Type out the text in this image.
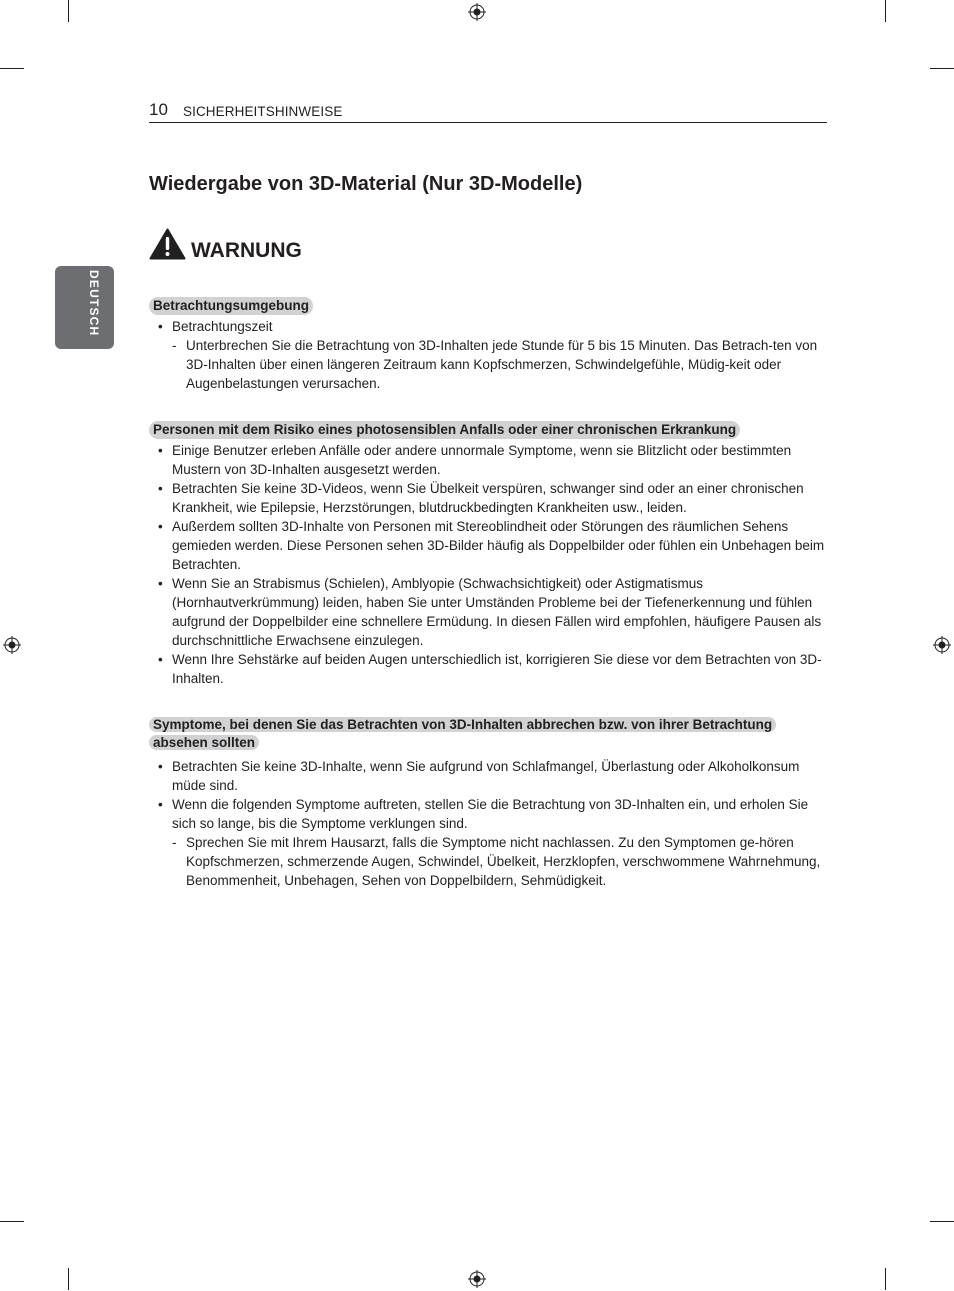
10 SICHERHEITSHINWEISE
DEUTSCH
Wiedergabe von 3D-Material (Nur 3D-Modelle)
WARNUNG
Betrachtungsumgebung
• Betrachtungszeit
- Unterbrechen Sie die Betrachtung von 3D-Inhalten jede Stunde für 5 bis 15 Minuten. Das Betrach-ten von 3D-Inhalten über einen längeren Zeitraum kann Kopfschmerzen, Schwindelgefühle, Müdig-keit oder Augenbelastungen verursachen.
Personen mit dem Risiko eines photosensiblen Anfalls oder einer chronischen Erkrankung
• Einige Benutzer erleben Anfälle oder andere unnormale Symptome, wenn sie Blitzlicht oder bestimmten Mustern von 3D-Inhalten ausgesetzt werden.
• Betrachten Sie keine 3D-Videos, wenn Sie Übelkeit verspüren, schwanger sind oder an einer chronischen Krankheit, wie Epilepsie, Herzstörungen, blutdruckbedingten Krankheiten usw., leiden.
• Außerdem sollten 3D-Inhalte von Personen mit Stereoblindheit oder Störungen des räumlichen Sehens gemieden werden. Diese Personen sehen 3D-Bilder häufig als Doppelbilder oder fühlen ein Unbehagen beim Betrachten.
• Wenn Sie an Strabismus (Schielen), Amblyopie (Schwachsichtigkeit) oder Astigmatismus (Hornhautverkrümmung) leiden, haben Sie unter Umständen Probleme bei der Tiefenerkennung und fühlen aufgrund der Doppelbilder eine schnellere Ermüdung. In diesen Fällen wird empfohlen, häufigere Pausen als durchschnittliche Erwachsene einzulegen.
• Wenn Ihre Sehstärke auf beiden Augen unterschiedlich ist, korrigieren Sie diese vor dem Betrachten von 3D-Inhalten.
Symptome, bei denen Sie das Betrachten von 3D-Inhalten abbrechen bzw. von ihrer Betrachtung absehen sollten
• Betrachten Sie keine 3D-Inhalte, wenn Sie aufgrund von Schlafmangel, Überlastung oder Alkoholkonsum müde sind.
• Wenn die folgenden Symptome auftreten, stellen Sie die Betrachtung von 3D-Inhalten ein, und erholen Sie sich so lange, bis die Symptome verklungen sind.
- Sprechen Sie mit Ihrem Hausarzt, falls die Symptome nicht nachlassen. Zu den Symptomen ge-hören Kopfschmerzen, schmerzende Augen, Schwindel, Übelkeit, Herzklopfen, verschwommene Wahrnehmung, Benommenheit, Unbehagen, Sehen von Doppelbildern, Sehmüdigkeit.
